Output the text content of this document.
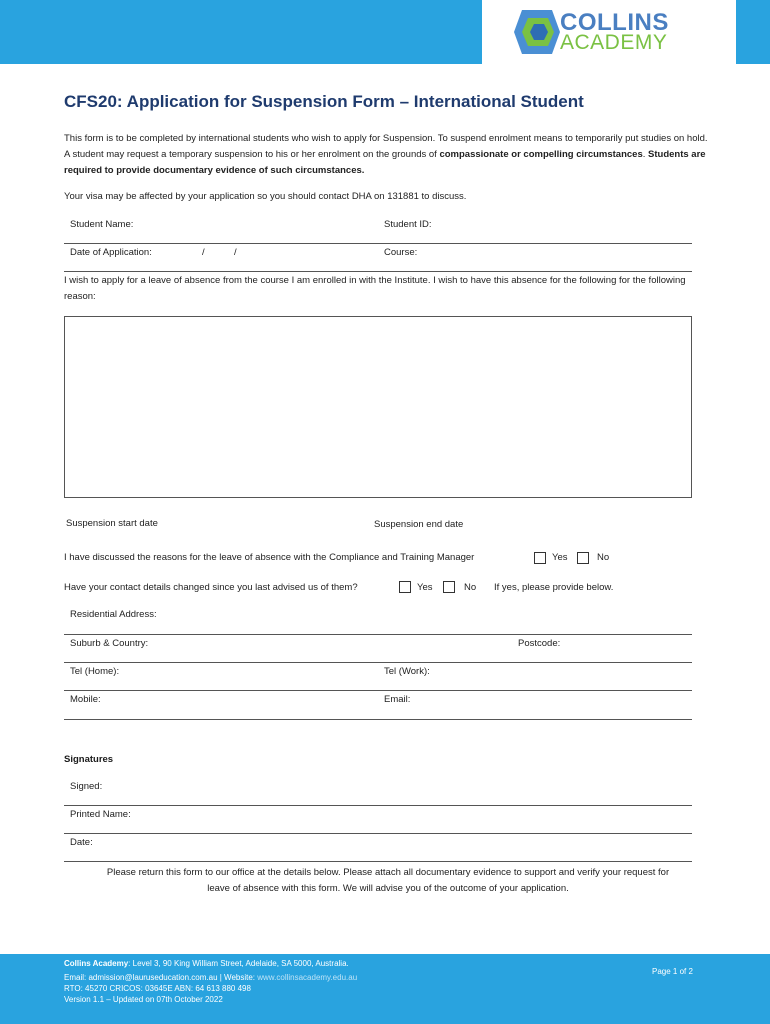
COLLINS
ACADEMY
CFS20: Application for Suspension Form – International Student
This form is to be completed by international students who wish to apply for Suspension. To suspend enrolment means to temporarily put studies on hold. A student may request a temporary suspension to his or her enrolment on the grounds of compassionate or compelling circumstances. Students are required to provide documentary evidence of such circumstances.
Your visa may be affected by your application so you should contact DHA on 131881 to discuss.
Student Name:	Student ID:
Date of Application:	/	/	Course:
I wish to apply for a leave of absence from the course I am enrolled in with the Institute. I wish to have this absence for the following for the following reason:
Suspension start date	Suspension end date
I have discussed the reasons for the leave of absence with the Compliance and Training Manager	Yes	No
Have your contact details changed since you last advised us of them?	Yes	No If yes, please provide below.
Residential Address:
Suburb & Country:	Postcode:
Tel (Home):	Tel (Work):
Mobile:	Email:
Signatures
Signed:
Printed Name:
Date:
Please return this form to our office at the details below. Please attach all documentary evidence to support and verify your request for
leave of absence with this form. We will advise you of the outcome of your application.
Collins Academy: Level 3, 90 King William Street, Adelaide, SA 5000, Australia.
Email: admission@lauruseducation.com.au | Website: www.collinsacademy.edu.au
RTO: 45270 CRICOS: 03645E ABN: 64 613 880 498
Version 1.1 – Updated on 07th October 2022
Page 1 of 2
